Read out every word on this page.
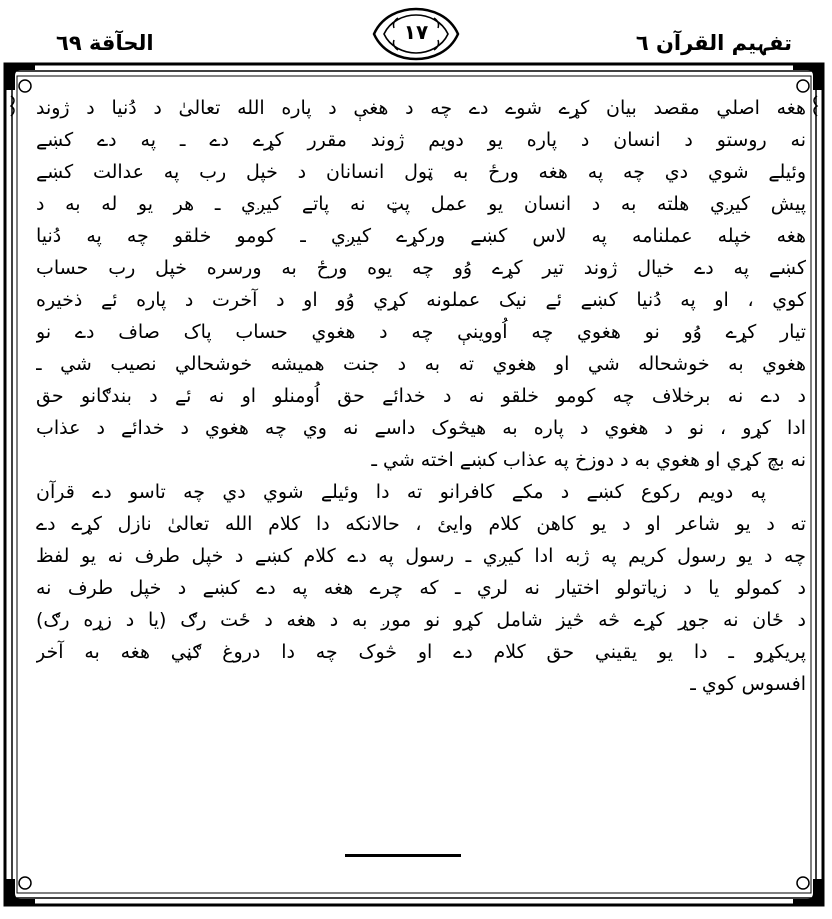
الحآقة ٦٩	١٧	تفہیم القرآن ٦
هغه اصلي مقصد بيان کړے شوے دے چه د هغې د پاره الله تعالىٰ د دُنيا د ژوند
نه روستو د انسان د پاره يو دويم ژوند مقرر کړے دے ـ په دے کښے
وئيلے شوي دي چه په هغه ورځ به ټول انسانان د خپل رب په عدالت کښے
پيش کيږي هلته به د انسان يو عمل پټ نه پاتے کيږي ـ هر يو له به د
هغه خپله عملنامه په لاس کښے ورکړے کيږي ـ کومو خلقو چه په دُنيا
کښے په دے خيال ژوند تير کړے وُو چه يوه ورځ به ورسره خپل رب حساب
کوي ، او په دُنيا کښے ئے نيک عملونه کړي وُو او د آخرت د پاره ئے ذخيره
تيار کړے وُو نو هغوي چه اُووينې چه د هغوي حساب پاک صاف دے نو
هغوي به خوشحاله شي او هغوي ته به د جنت هميشه خوشحالي نصيب شي ـ
د دے نه برخلاف چه کومو خلقو نه د خدائے حق اُومنلو او نه ئے د بندګانو حق
ادا کړو ، نو د هغوي د پاره به هيڅوک داسے نه وي چه هغوي د خدائے د عذاب
نه بچ کړي او هغوي به د دوزخ په عذاب کښے اخته شي ـ
په دويم رکوع کښے د مکے کافرانو ته دا وئيلے شوي دي چه تاسو دے قرآن
ته د يو شاعر او د يو کاهن کلام وايئ ، حالانکه دا کلام الله تعالىٰ نازل کړے دے
چه د يو رسول کريم په ژبه ادا کيږي ـ رسول په دے کلام کښے د خپل طرف نه يو لفظ
د کمولو يا د زياتولو اختيار نه لري ـ که چرے هغه په دے کښے د خپل طرف نه
د ځان نه جوړ کړے څه څيز شامل کړو نو موږ به د هغه د ځت رګ (يا د زړه رګ)
پريکړو ـ دا يو يقيني حق کلام دے او څوک چه دا دروغ ګڼي هغه به آخر
افسوس کوي ـ
